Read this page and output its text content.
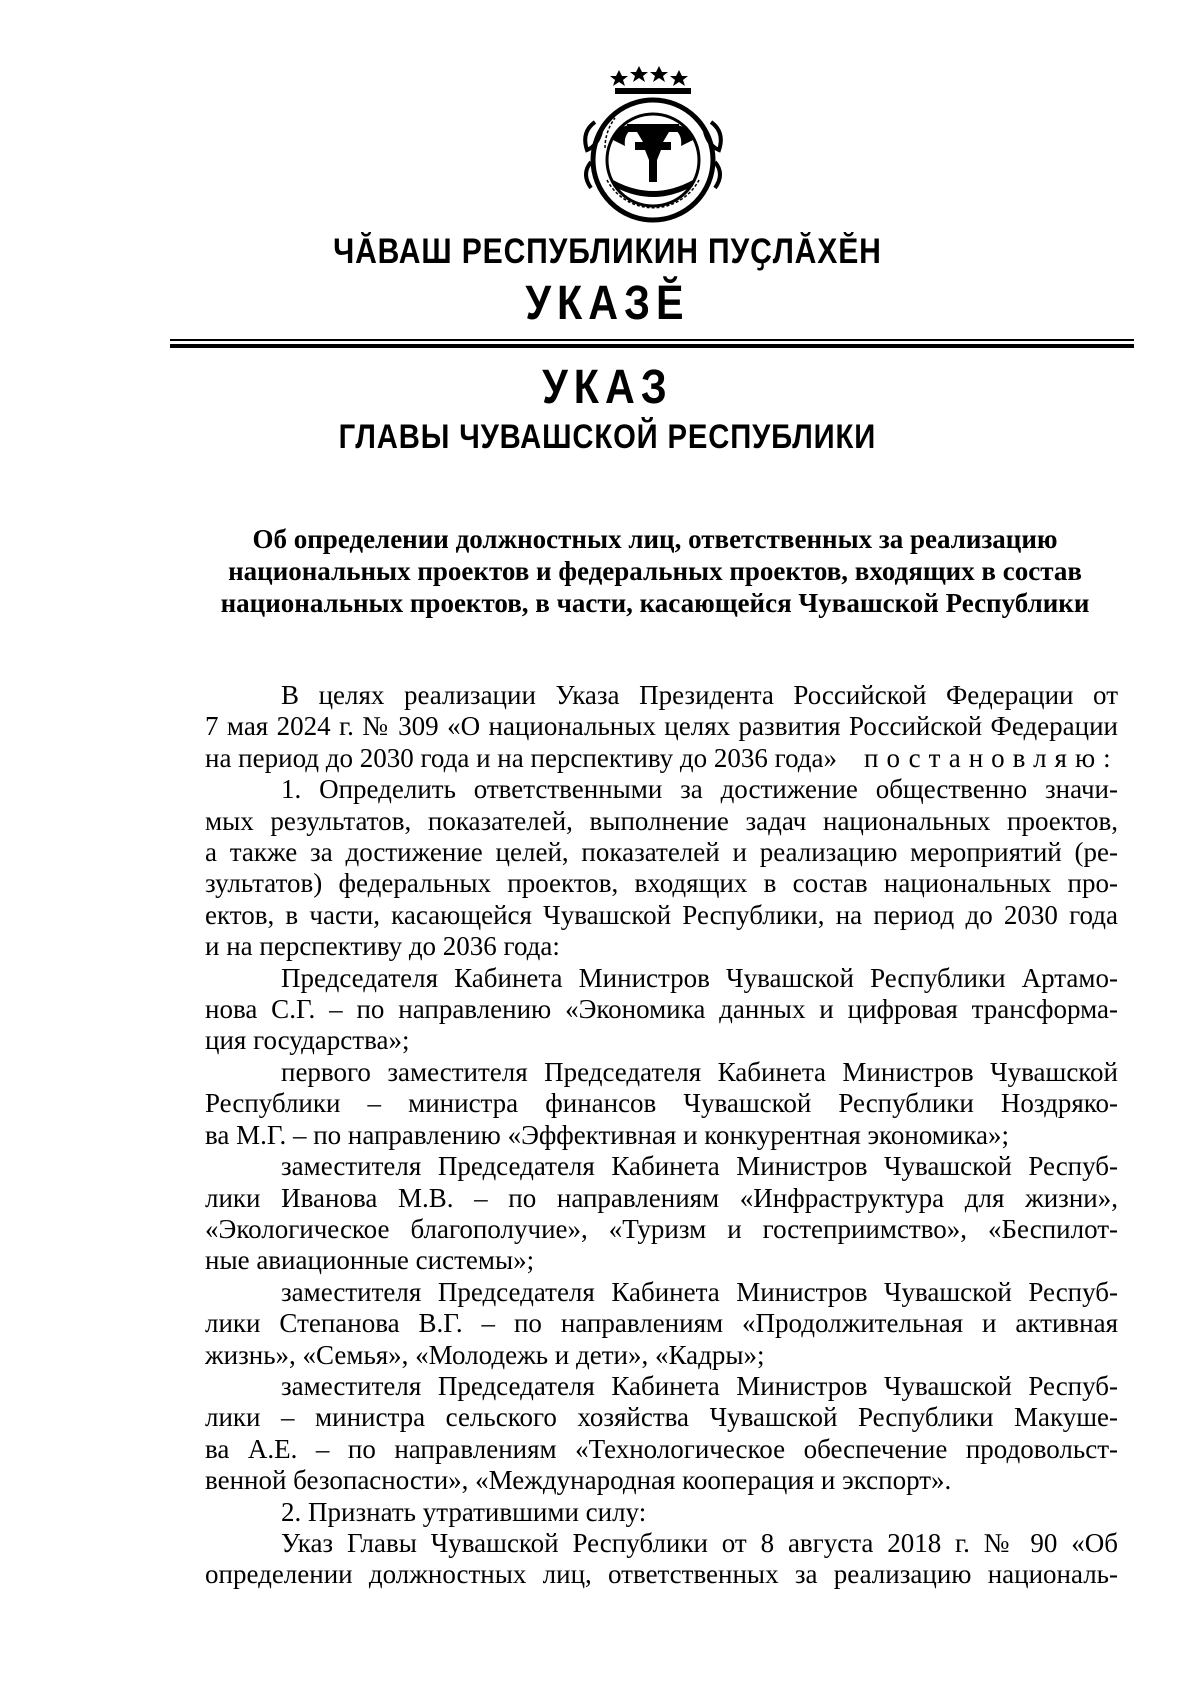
ЧӐВАШ РЕСПУБЛИКИН ПУҪЛӐХӖН
УКАЗӖ
УКАЗ
ГЛАВЫ ЧУВАШСКОЙ РЕСПУБЛИКИ
Об определении должностных лиц, ответственных за реализацию
национальных проектов и федеральных проектов, входящих в состав
национальных проектов, в части, касающейся Чувашской Республики
В целях реализации Указа Президента Российской Федерации от
7 мая 2024 г. № 309 «О национальных целях развития Российской Федерации
на период до 2030 года и на перспективу до 2036 года» постановляю:
1. Определить ответственными за достижение общественно значи-
мых результатов, показателей, выполнение задач национальных проектов,
а также за достижение целей, показателей и реализацию мероприятий (ре-
зультатов) федеральных проектов, входящих в состав национальных про-
ектов, в части, касающейся Чувашской Республики, на период до 2030 года
и на перспективу до 2036 года:
Председателя Кабинета Министров Чувашской Республики Артамо-
нова С.Г. – по направлению «Экономика данных и цифровая трансформа-
ция государства»;
первого заместителя Председателя Кабинета Министров Чувашской
Республики – министра финансов Чувашской Республики Ноздряко-
ва М.Г. – по направлению «Эффективная и конкурентная экономика»;
заместителя Председателя Кабинета Министров Чувашской Респуб-
лики Иванова М.В. – по направлениям «Инфраструктура для жизни»,
«Экологическое благополучие», «Туризм и гостеприимство», «Беспилот-
ные авиационные системы»;
заместителя Председателя Кабинета Министров Чувашской Респуб-
лики Степанова В.Г. – по направлениям «Продолжительная и активная
жизнь», «Семья», «Молодежь и дети», «Кадры»;
заместителя Председателя Кабинета Министров Чувашской Респуб-
лики – министра сельского хозяйства Чувашской Республики Макуше-
ва А.Е. – по направлениям «Технологическое обеспечение продовольст-
венной безопасности», «Международная кооперация и экспорт».
2. Признать утратившими силу:
Указ Главы Чувашской Республики от 8 августа 2018 г. № 90 «Об
определении должностных лиц, ответственных за реализацию националь-
